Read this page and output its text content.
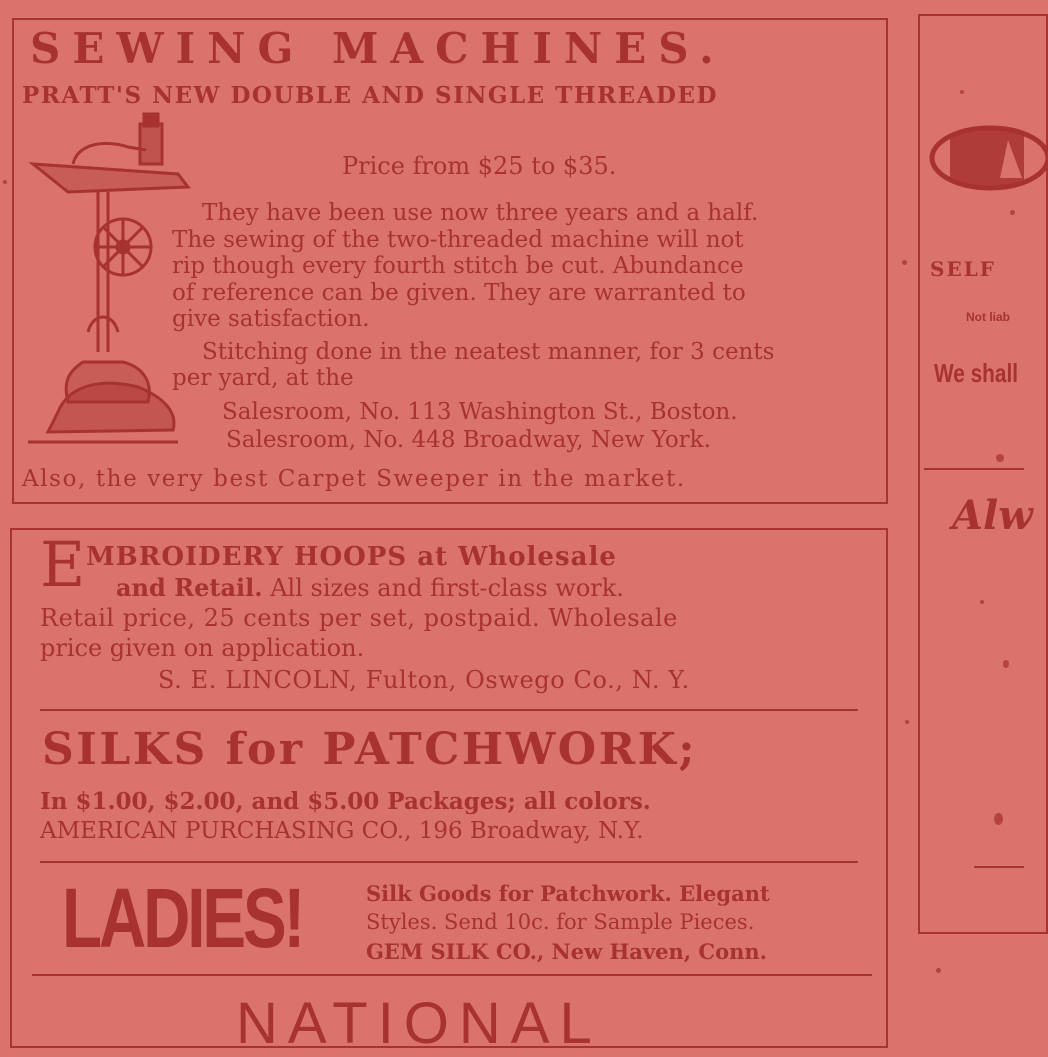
SEWING MACHINES.
PRATT'S NEW DOUBLE AND SINGLE THREADED
Price from $25 to $35.
They have been use now three years and a half.
The sewing of the two-threaded machine will not
rip though every fourth stitch be cut. Abundance
of reference can be given. They are warranted to
give satisfaction.
Stitching done in the neatest manner, for 3 cents
per yard, at the
Salesroom, No. 113 Washington St., Boston.
Salesroom, No. 448 Broadway, New York.
Also, the very best Carpet Sweeper in the market.
E MBROIDERY HOOPS at Wholesale
and Retail. All sizes and first-class work.
Retail price, 25 cents per set, postpaid. Wholesale
price given on application.
S. E. LINCOLN, Fulton, Oswego Co., N. Y.
SILKS for PATCHWORK;
In $1.00, $2.00, and $5.00 Packages; all colors.
AMERICAN PURCHASING CO., 196 Broadway, N.Y.
LADIES!	Silk Goods for Patchwork. Elegant
Styles. Send 10c. for Sample Pieces.
GEM SILK CO., New Haven, Conn.
NATIONAL
SELF
Not liab
We shall
Alw
